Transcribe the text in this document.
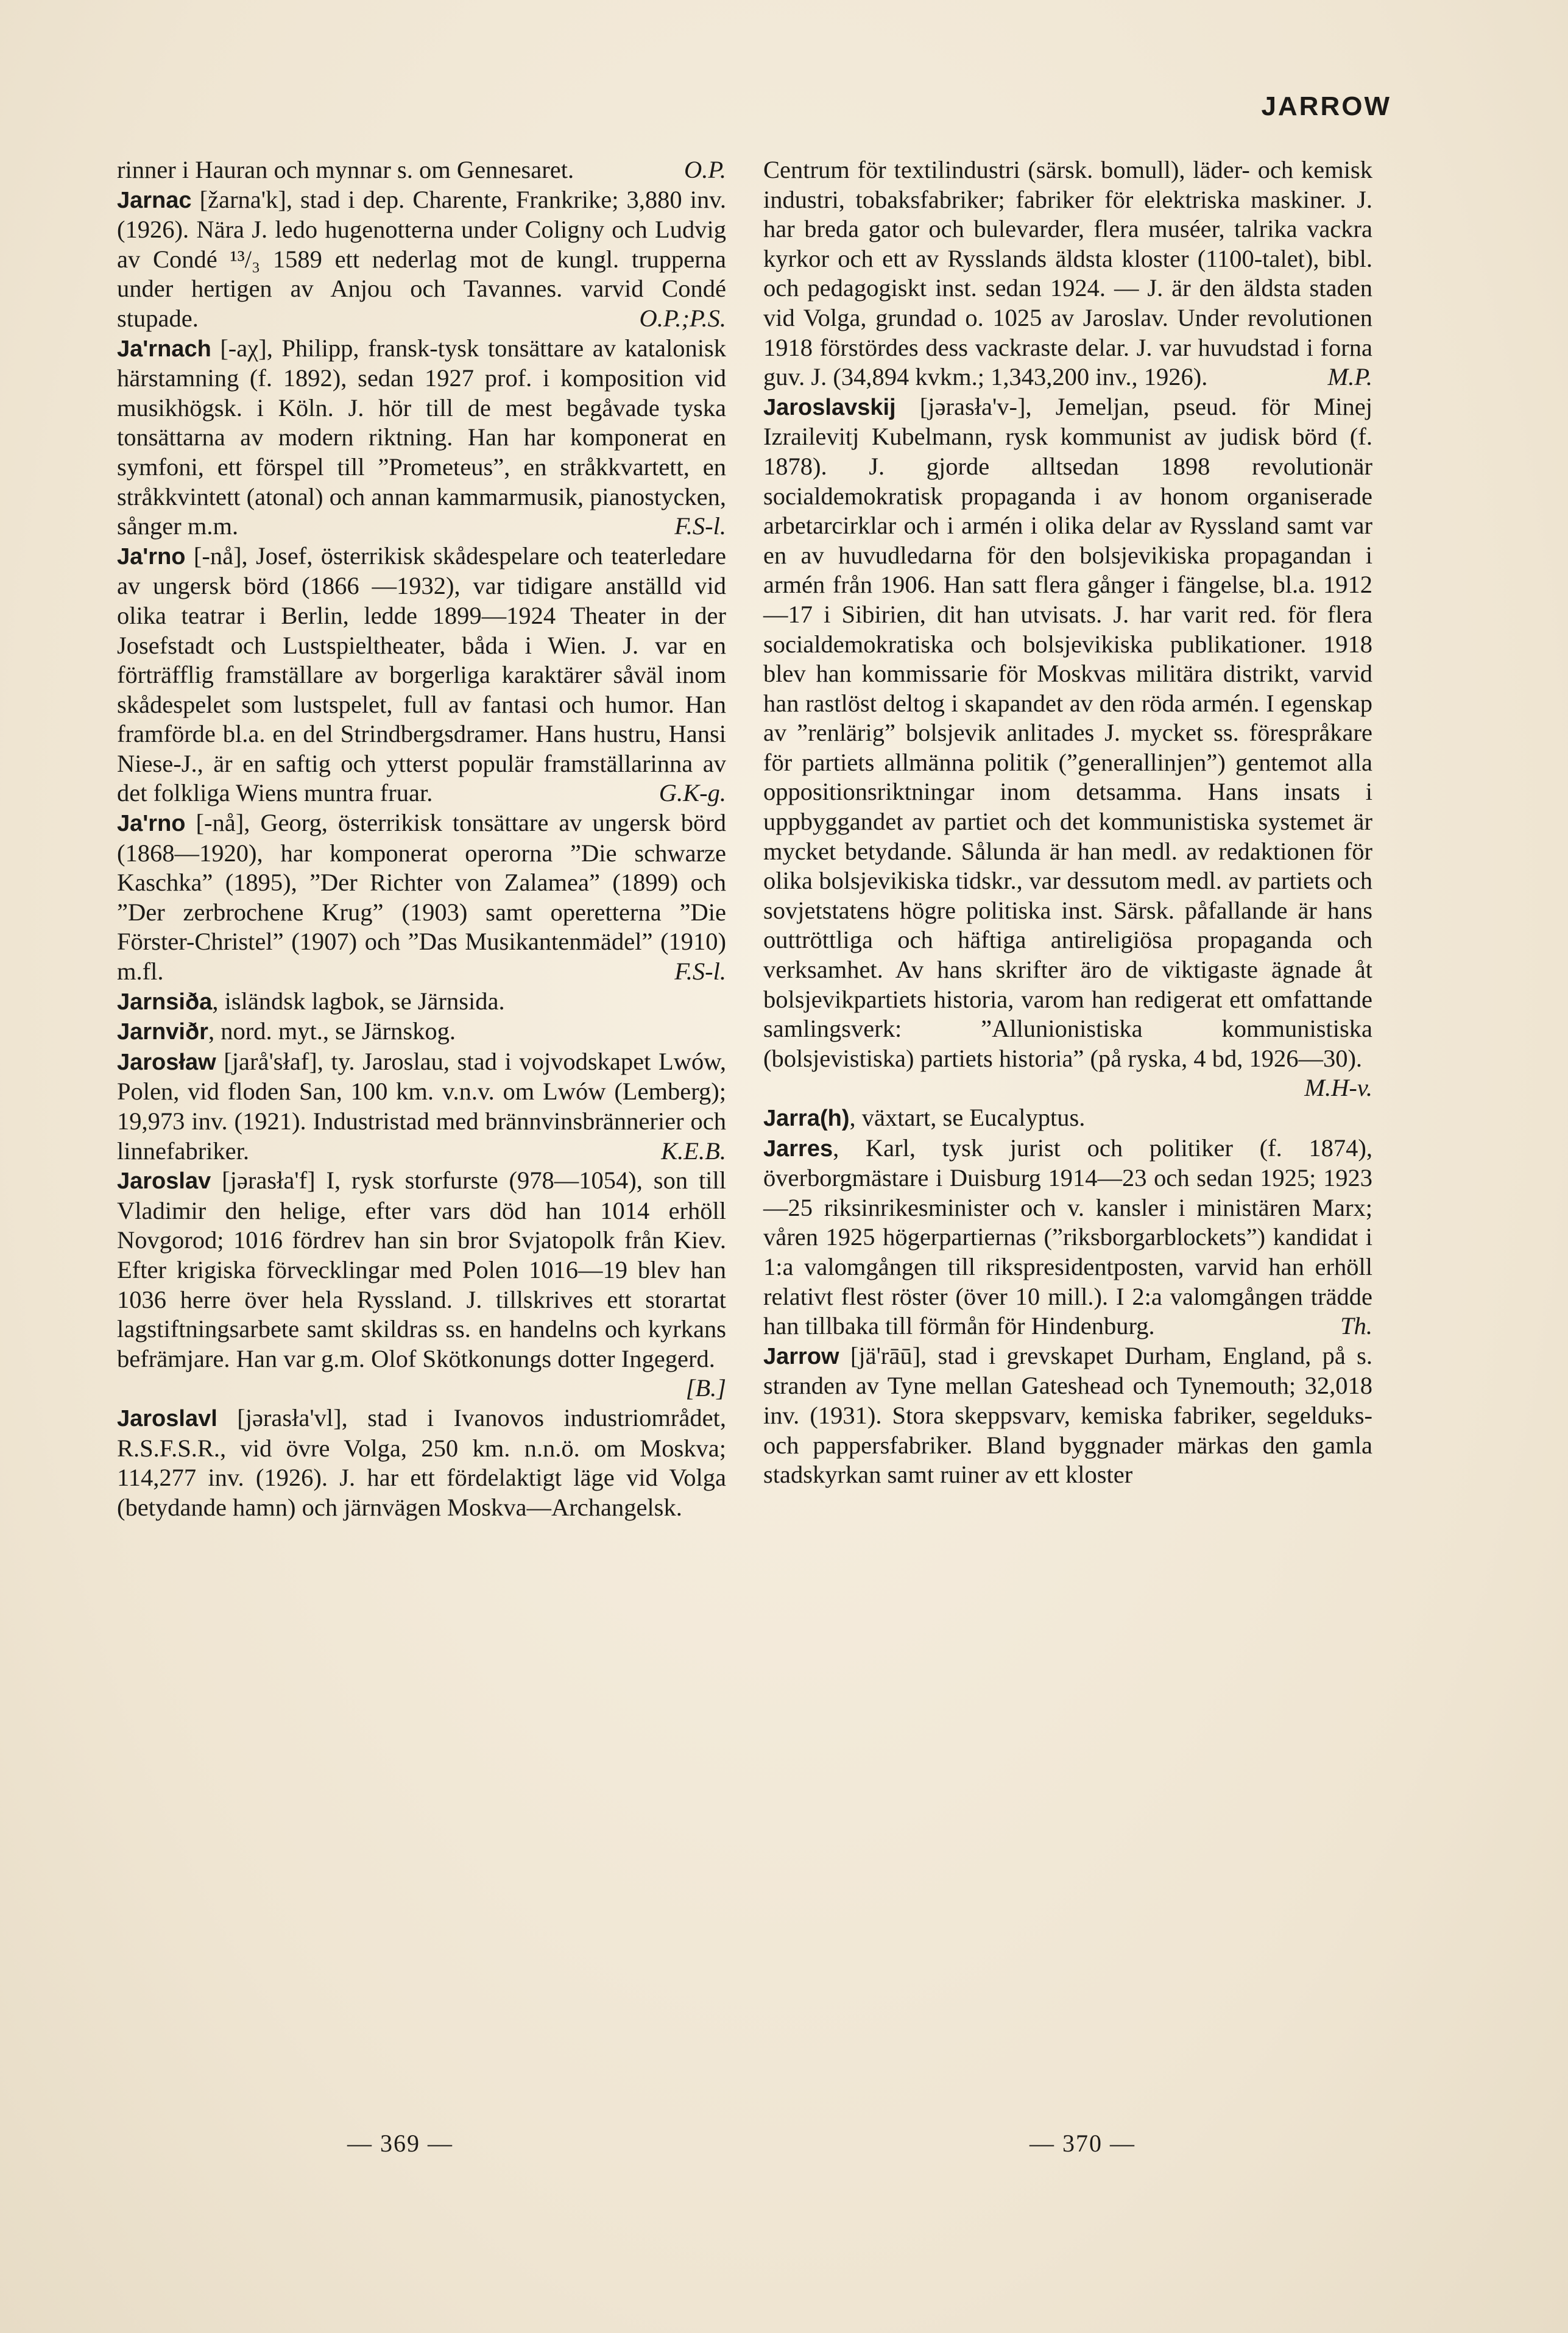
JARROW

rinner i Hauran och mynnar s. om Gennesaret.	O.P.

Jarnac [žarna'k], stad i dep. Charente, Frankrike; 3,880 inv. (1926). Nära J. ledo hugenotterna under Coligny och Ludvig av Condé ¹³/₃ 1589 ett nederlag mot de kungl. trupperna under hertigen av Anjou och Tavannes. varvid Condé stupade.	O.P.;P.S.

Ja'rnach [-aχ], Philipp, fransk-tysk tonsättare av katalonisk härstamning (f. 1892), sedan 1927 prof. i komposition vid musikhögsk. i Köln. J. hör till de mest begåvade tyska tonsättarna av modern riktning. Han har komponerat en symfoni, ett förspel till ”Prometeus”, en stråkkvartett, en stråkkvintett (atonal) och annan kammarmusik, pianostycken, sånger m.m.	F.S-l.

Ja'rno [-nå], Josef, österrikisk skådespelare och teaterledare av ungersk börd (1866 —1932), var tidigare anställd vid olika teatrar i Berlin, ledde 1899—1924 Theater in der Josefstadt och Lustspieltheater, båda i Wien. J. var en förträfflig framställare av borgerliga karaktärer såväl inom skådespelet som lustspelet, full av fantasi och humor. Han framförde bl.a. en del Strindbergsdramer. Hans hustru, Hansi Niese-J., är en saftig och ytterst populär framställarinna av det folkliga Wiens muntra fruar.	G.K-g.

Ja'rno [-nå], Georg, österrikisk tonsättare av ungersk börd (1868—1920), har komponerat operorna ”Die schwarze Kaschka” (1895), ”Der Richter von Zalamea” (1899) och ”Der zerbrochene Krug” (1903) samt operetterna ”Die Förster-Christel” (1907) och ”Das Musikantenmädel” (1910) m.fl.	F.S-l.

Jarnsiða, isländsk lagbok, se Järnsida.

Jarnviðr, nord. myt., se Järnskog.

Jarosław [jarå'słaf], ty. Jaroslau, stad i vojvodskapet Lwów, Polen, vid floden San, 100 km. v.n.v. om Lwów (Lemberg); 19,973 inv. (1921). Industristad med brännvinsbrännerier och linnefabriker.	K.E.B.

Jaroslav [jərasła'f] I, rysk storfurste (978—1054), son till Vladimir den helige, efter vars död han 1014 erhöll Novgorod; 1016 fördrev han sin bror Svjatopolk från Kiev. Efter krigiska förvecklingar med Polen 1016—19 blev han 1036 herre över hela Ryssland. J. tillskrives ett storartat lagstiftningsarbete samt skildras ss. en handelns och kyrkans befrämjare. Han var g.m. Olof Skötkonungs dotter Ingegerd.
[B.]

Jaroslavl [jərasła'vl], stad i Ivanovos industriområdet, R.S.F.S.R., vid övre Volga, 250 km. n.n.ö. om Moskva; 114,277 inv. (1926). J. har ett fördelaktigt läge vid Volga (betydande hamn) och järnvägen Moskva—Archangelsk.

Centrum för textilindustri (särsk. bomull), läder- och kemisk industri, tobaksfabriker; fabriker för elektriska maskiner. J. har breda gator och bulevarder, flera muséer, talrika vackra kyrkor och ett av Rysslands äldsta kloster (1100-talet), bibl. och pedagogiskt inst. sedan 1924. — J. är den äldsta staden vid Volga, grundad o. 1025 av Jaroslav. Under revolutionen 1918 förstördes dess vackraste delar. J. var huvudstad i forna guv. J. (34,894 kvkm.; 1,343,200 inv., 1926).	M.P.

Jaroslavskij [jərasła'v-], Jemeljan, pseud. för Minej Izrailevitj Kubelmann, rysk kommunist av judisk börd (f. 1878). J. gjorde alltsedan 1898 revolutionär socialdemokratisk propaganda i av honom organiserade arbetarcirklar och i armén i olika delar av Ryssland samt var en av huvudledarna för den bolsjevikiska propagandan i armén från 1906. Han satt flera gånger i fängelse, bl.a. 1912—17 i Sibirien, dit han utvisats. J. har varit red. för flera socialdemokratiska och bolsjevikiska publikationer. 1918 blev han kommissarie för Moskvas militära distrikt, varvid han rastlöst deltog i skapandet av den röda armén. I egenskap av ”renlärig” bolsjevik anlitades J. mycket ss. förespråkare för partiets allmänna politik (”generallinjen”) gentemot alla oppositionsriktningar inom detsamma. Hans insats i uppbyggandet av partiet och det kommunistiska systemet är mycket betydande. Sålunda är han medl. av redaktionen för olika bolsjevikiska tidskr., var dessutom medl. av partiets och sovjetstatens högre politiska inst. Särsk. påfallande är hans outtröttliga och häftiga antireligiösa propaganda och verksamhet. Av hans skrifter äro de viktigaste ägnade åt bolsjevikpartiets historia, varom han redigerat ett omfattande samlingsverk: ”Allunionistiska kommunistiska (bolsjevistiska) partiets historia” (på ryska, 4 bd, 1926—30).
M.H-v.

Jarra(h), växtart, se Eucalyptus.

Jarres, Karl, tysk jurist och politiker (f. 1874), överborgmästare i Duisburg 1914—23 och sedan 1925; 1923—25 riksinrikesminister och v. kansler i ministären Marx; våren 1925 högerpartiernas (”riksborgarblockets”) kandidat i 1:a valomgången till rikspresidentposten, varvid han erhöll relativt flest röster (över 10 mill.). I 2:a valomgången trädde han tillbaka till förmån för Hindenburg.	Th.

Jarrow [jä'rāū], stad i grevskapet Durham, England, på s. stranden av Tyne mellan Gateshead och Tynemouth; 32,018 inv. (1931). Stora skeppsvarv, kemiska fabriker, segelduks- och pappersfabriker. Bland byggnader märkas den gamla stadskyrkan samt ruiner av ett kloster

— 369 —	— 370 —
